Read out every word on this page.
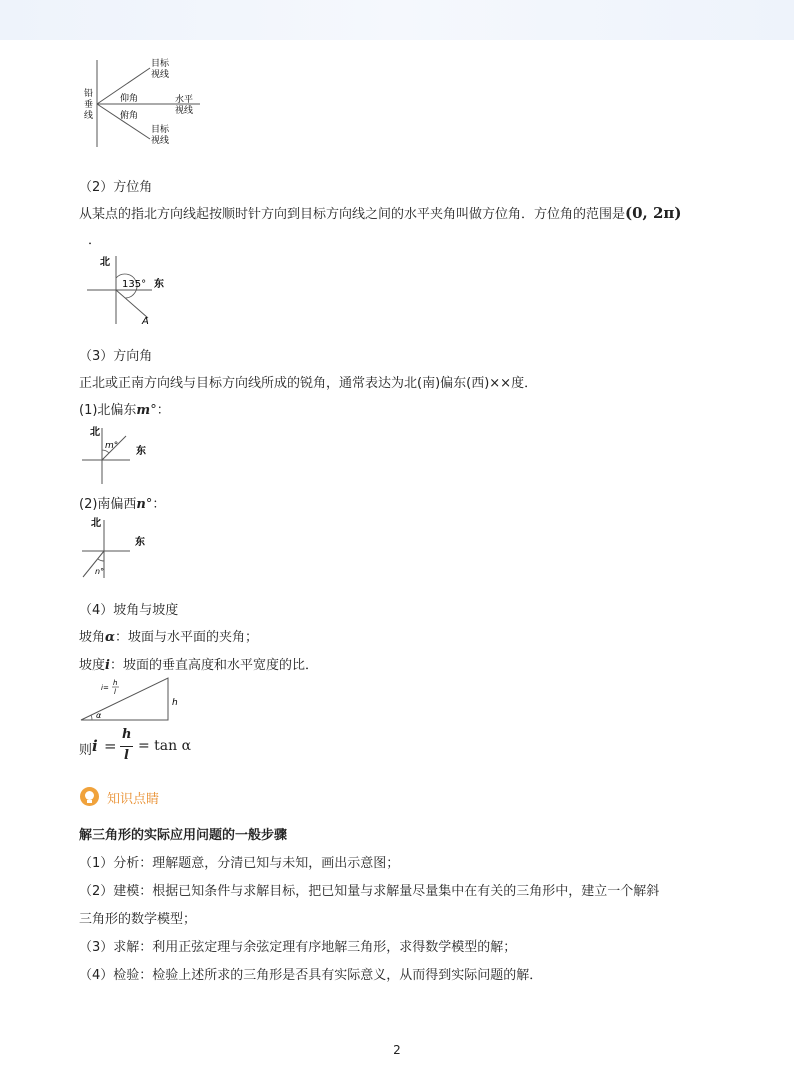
铅
垂
线
目标
视线
仰角
俯角
水平
视线
目标
视线
（2）方位角
从某点的指北方向线起按顺时针方向到目标方向线之间的水平夹角叫做方位角．方位角的范围是(0, 2π)
．
北
135° 东
A
（3）方向角
正北或正南方向线与目标方向线所成的锐角，通常表达为北(南)偏东(西)××度．
(1)北偏东m°：
北
m° 东
(2)南偏西n°：
北
东
n°
（4）坡角与坡度
坡角α：坡面与水平面的夹角；
坡度i：坡面的垂直高度和水平宽度的比．
i=
h
l
h
α
则 i =
h
l
= tan α
知识点睛
解三角形的实际应用问题的一般步骤
（1）分析：理解题意，分清已知与未知，画出示意图；
（2）建模：根据已知条件与求解目标，把已知量与求解量尽量集中在有关的三角形中，建立一个解斜
三角形的数学模型；
（3）求解：利用正弦定理与余弦定理有序地解三角形，求得数学模型的解；
（4）检验：检验上述所求的三角形是否具有实际意义，从而得到实际问题的解．
2
